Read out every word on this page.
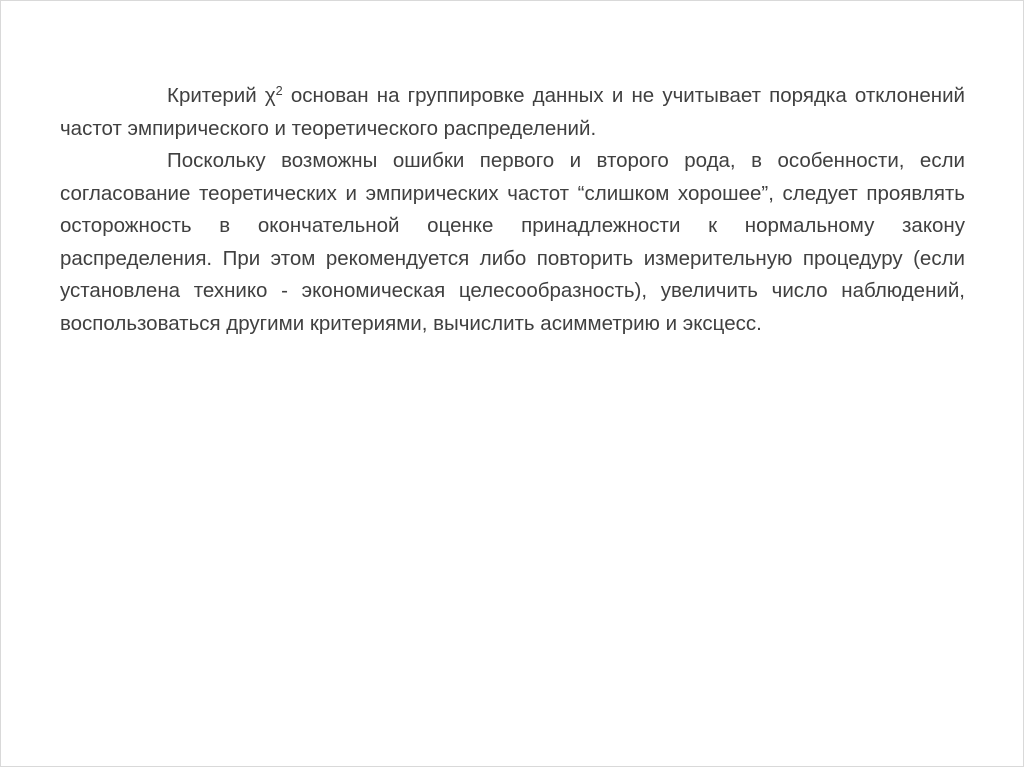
Критерий $\chi^2$ основан на группировке данных и не учитывает порядка отклонений частот эмпирического и теоретического распределений.

Поскольку возможны ошибки первого и второго рода, в особенности, если согласование теоретических и эмпирических частот “слишком хорошее”, следует проявлять осторожность в окончательной оценке принадлежности к нормальному закону распределения. При этом рекомендуется либо повторить измерительную процедуру (если установлена технико - экономическая целесообразность), увеличить число наблюдений, воспользоваться другими критериями, вычислить асимметрию и эксцесс.
